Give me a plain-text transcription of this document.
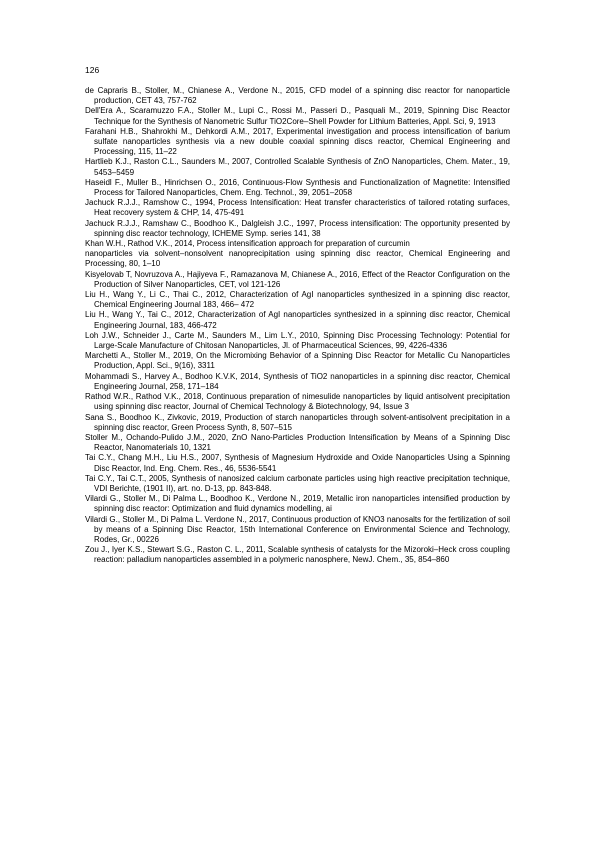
126
de Capraris B., Stoller, M., Chianese A., Verdone N., 2015, CFD model of a spinning disc reactor for nanoparticle production, CET 43, 757-762
Dell'Era A., Scaramuzzo F.A., Stoller M., Lupi C., Rossi M., Passeri D., Pasquali M., 2019, Spinning Disc Reactor Technique for the Synthesis of Nanometric Sulfur TiO2Core–Shell Powder for Lithium Batteries, Appl. Sci, 9, 1913
Farahani H.B., Shahrokhi M., Dehkordi A.M., 2017, Experimental investigation and process intensification of barium sulfate nanoparticles synthesis via a new double coaxial spinning discs reactor, Chemical Engineering and Processing, 115, 11–22
Hartlieb K.J., Raston C.L., Saunders M., 2007, Controlled Scalable Synthesis of ZnO Nanoparticles, Chem. Mater., 19, 5453–5459
Haseidl F., Muller B., Hinrichsen O., 2016, Continuous-Flow Synthesis and Functionalization of Magnetite: Intensified Process for Tailored Nanoparticles, Chem. Eng. Technol., 39, 2051–2058
Jachuck R.J.J., Ramshow C., 1994, Process Intensification: Heat transfer characteristics of tailored rotating surfaces, Heat recovery system & CHP, 14, 475-491
Jachuck R.J.J., Ramshaw C., Boodhoo K., Dalgleish J.C., 1997, Process intensification: The opportunity presented by spinning disc reactor technology, ICHEME Symp. series 141, 38
Khan W.H., Rathod V.K., 2014, Process intensification approach for preparation of curcumin
nanoparticles via solvent–nonsolvent nanoprecipitation using spinning disc reactor, Chemical Engineering and Processing, 80, 1–10
Kisyelovab T, Novruzova A., Hajiyeva F., Ramazanova M, Chianese A., 2016, Effect of the Reactor Configuration on the Production of Silver Nanoparticles, CET, vol 121-126
Liu H., Wang Y., Li C., Thai C., 2012, Characterization of AgI nanoparticles synthesized in a spinning disc reactor, Chemical Engineering Journal 183, 466– 472
Liu H., Wang Y., Tai C., 2012, Characterization of AgI nanoparticles synthesized in a spinning disc reactor, Chemical Engineering Journal, 183, 466-472
Loh J.W., Schneider J., Carte M., Saunders M., Lim L.Y., 2010, Spinning Disc Processing Technology: Potential for Large-Scale Manufacture of Chitosan Nanoparticles, Jl. of Pharmaceutical Sciences, 99, 4226-4336
Marchetti A., Stoller M., 2019, On the Micromixing Behavior of a Spinning Disc Reactor for Metallic Cu Nanoparticles Production, Appl. Sci., 9(16), 3311
Mohammadi S., Harvey A., Bodhoo K.V.K, 2014, Synthesis of TiO2 nanoparticles in a spinning disc reactor, Chemical Engineering Journal, 258, 171–184
Rathod W.R., Rathod V.K., 2018, Continuous preparation of nimesulide nanoparticles by liquid antisolvent precipitation using spinning disc reactor, Journal of Chemical Technology & Biotechnology, 94, Issue 3
Sana S., Boodhoo K., Zivkovic, 2019, Production of starch nanoparticles through solvent-antisolvent precipitation in a spinning disc reactor, Green Process Synth, 8, 507–515
Stoller M., Ochando-Pulido J.M., 2020, ZnO Nano-Particles Production Intensification by Means of a Spinning Disc Reactor, Nanomaterials 10, 1321
Tai C.Y., Chang M.H., Liu H.S., 2007, Synthesis of Magnesium Hydroxide and Oxide Nanoparticles Using a Spinning Disc Reactor, Ind. Eng. Chem. Res., 46, 5536-5541
Tai C.Y., Tai C.T., 2005, Synthesis of nanosized calcium carbonate particles using high reactive precipitation technique, VDI Berichte, (1901 II), art. no. D-13, pp. 843-848.
Vilardi G., Stoller M., Di Palma L., Boodhoo K., Verdone N., 2019, Metallic iron nanoparticles intensified production by spinning disc reactor: Optimization and fluid dynamics modelling, ai
Vilardi G., Stoller M., Di Palma L. Verdone N., 2017, Continuous production of KNO3 nanosalts for the fertilization of soil by means of a Spinning Disc Reactor, 15th International Conference on Environmental Science and Technology, Rodes, Gr., 00226
Zou J., Iyer K.S., Stewart S.G., Raston C. L., 2011, Scalable synthesis of catalysts for the Mizoroki–Heck cross coupling reaction: palladium nanoparticles assembled in a polymeric nanosphere, NewJ. Chem., 35, 854–860
